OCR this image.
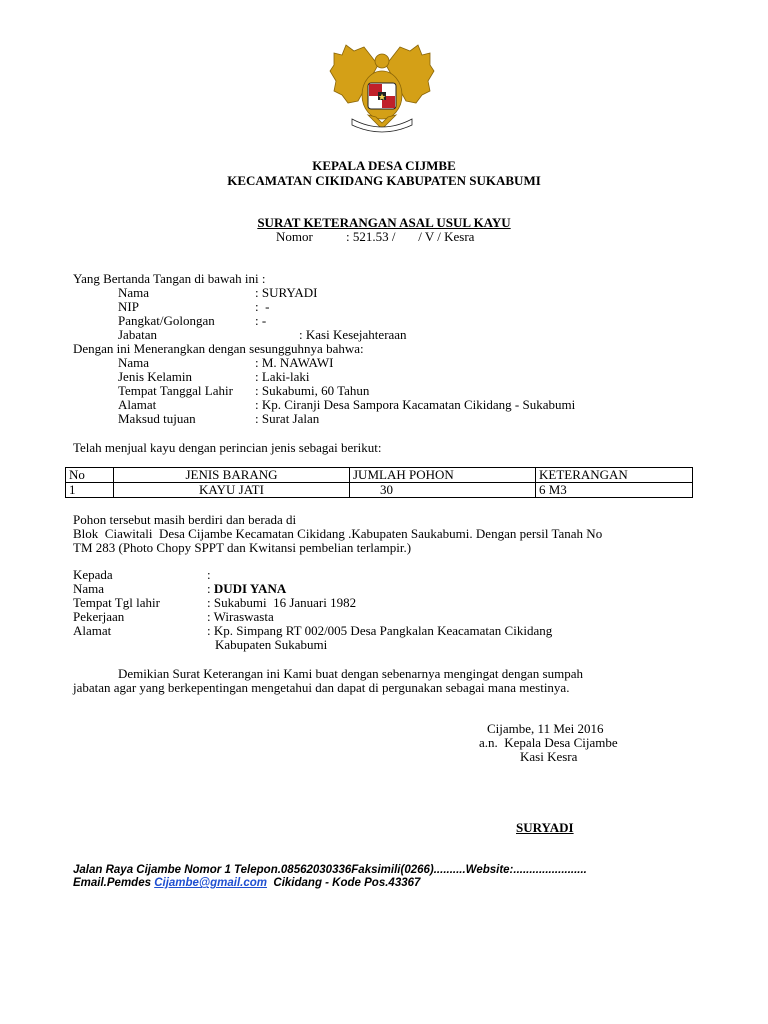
KEPALA DESA CIJMBE
KECAMATAN CIKIDANG KABUPATEN SUKABUMI
SURAT KETERANGAN ASAL USUL KAYU
Nomor	: 521.53 /       / V / Kesra
Yang Bertanda Tangan di bawah ini :
Nama	: SURYADI
NIP	:  -
Pangkat/Golongan	: -
Jabatan	: Kasi Kesejahteraan
Dengan ini Menerangkan dengan sesungguhnya bahwa:
Nama	: M. NAWAWI
Jenis Kelamin	: Laki-laki
Tempat Tanggal Lahir : Sukabumi, 60 Tahun
Alamat	: Kp. Ciranji Desa Sampora Kacamatan Cikidang - Sukabumi
Maksud tujuan	: Surat Jalan
Telah menjual kayu dengan perincian jenis sebagai berikut:
No	JENIS BARANG	JUMLAH POHON	KETERANGAN
1	KAYU JATI	30	6 M3
Pohon tersebut masih berdiri dan berada di
Blok  Ciawitali  Desa Cijambe Kecamatan Cikidang .Kabupaten Saukabumi. Dengan persil Tanah No
TM 283 (Photo Chopy SPPT dan Kwitansi pembelian terlampir.)
Kepada	:
Nama	: DUDI YANA
Tempat Tgl lahir	: Sukabumi  16 Januari 1982
Pekerjaan	: Wiraswasta
Alamat	: Kp. Simpang RT 002/005 Desa Pangkalan Keacamatan Cikidang
Kabupaten Sukabumi
Demikian Surat Keterangan ini Kami buat dengan sebenarnya mengingat dengan sumpah
jabatan agar yang berkepentingan mengetahui dan dapat di pergunakan sebagai mana mestinya.
Cijambe, 11 Mei 2016
a.n.  Kepala Desa Cijambe
Kasi Kesra
SURYADI
Jalan Raya Cijambe Nomor 1 Telepon.08562030336Faksimili(0266)..........Website:.......................
Email.Pemdes Cijambe@gmail.com  Cikidang - Kode Pos.43367
